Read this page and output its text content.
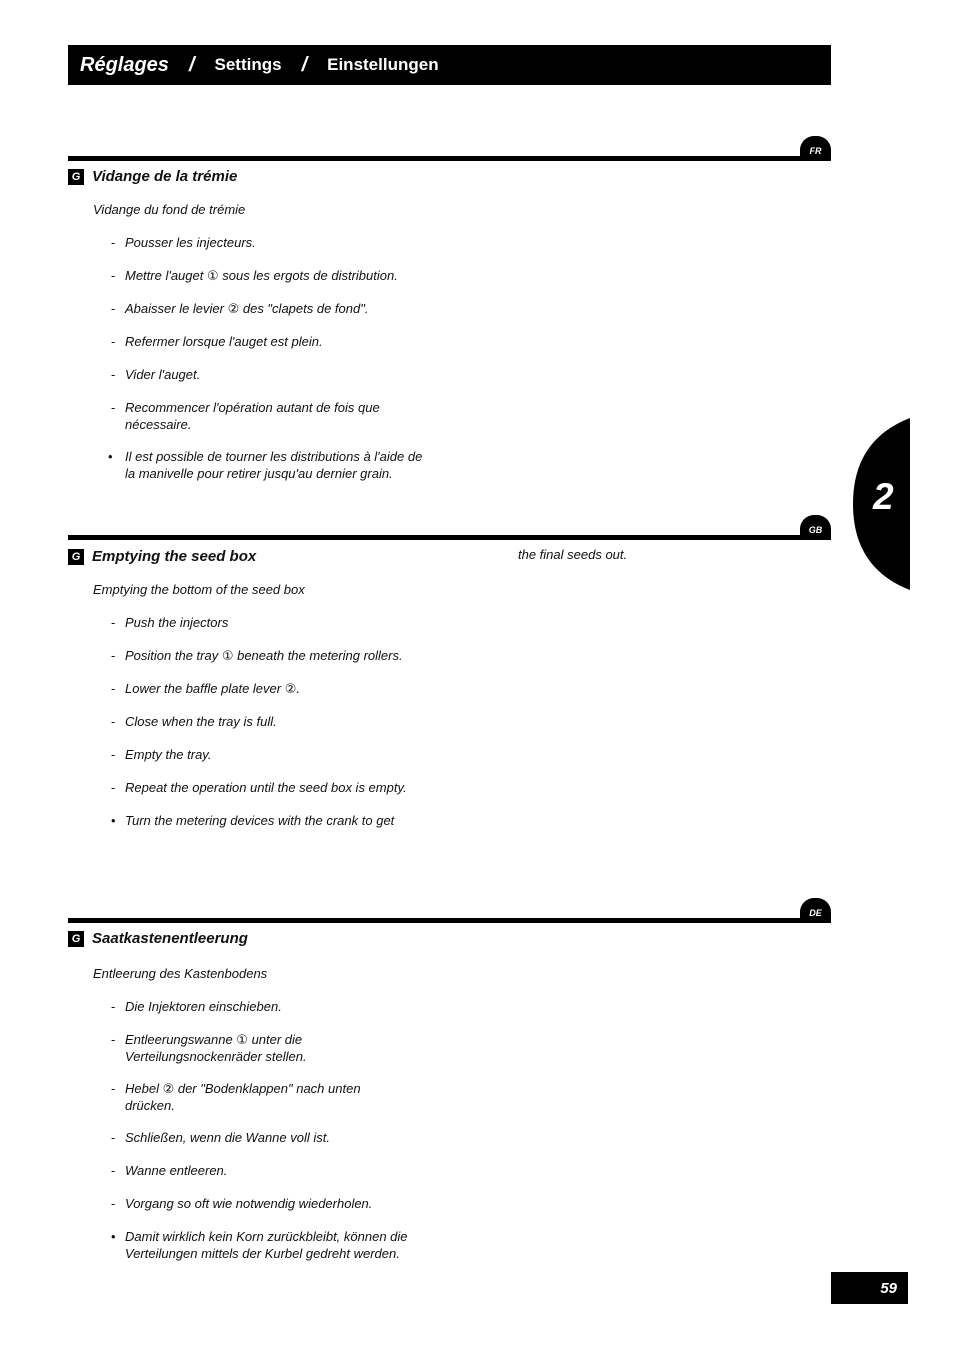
Réglages / Settings / Einstellungen
2
FR
G Vidange de la trémie
Vidange du fond de trémie
- Pousser les injecteurs.
- Mettre l'auget ① sous les ergots de distribution.
- Abaisser le levier ② des "clapets de fond".
- Refermer lorsque l'auget est plein.
- Vider l'auget.
- Recommencer l'opération autant de fois que nécessaire.
• Il est possible de tourner les distributions à l'aide de la manivelle pour retirer jusqu'au dernier grain.
GB
G Emptying the seed box	the final seeds out.
Emptying the bottom of the seed box
- Push the injectors
- Position the tray ① beneath the metering rollers.
- Lower the baffle plate lever ②.
- Close when the tray is full.
- Empty the tray.
- Repeat the operation until the seed box is empty.
• Turn the metering devices with the crank to get
DE
G Saatkastenentleerung
Entleerung des Kastenbodens
- Die Injektoren einschieben.
- Entleerungswanne ① unter die Verteilungsnockenräder stellen.
- Hebel ② der "Bodenklappen" nach unten drücken.
- Schließen, wenn die Wanne voll ist.
- Wanne entleeren.
- Vorgang so oft wie notwendig wiederholen.
• Damit wirklich kein Korn zurückbleibt, können die Verteilungen mittels der Kurbel gedreht werden.
59
